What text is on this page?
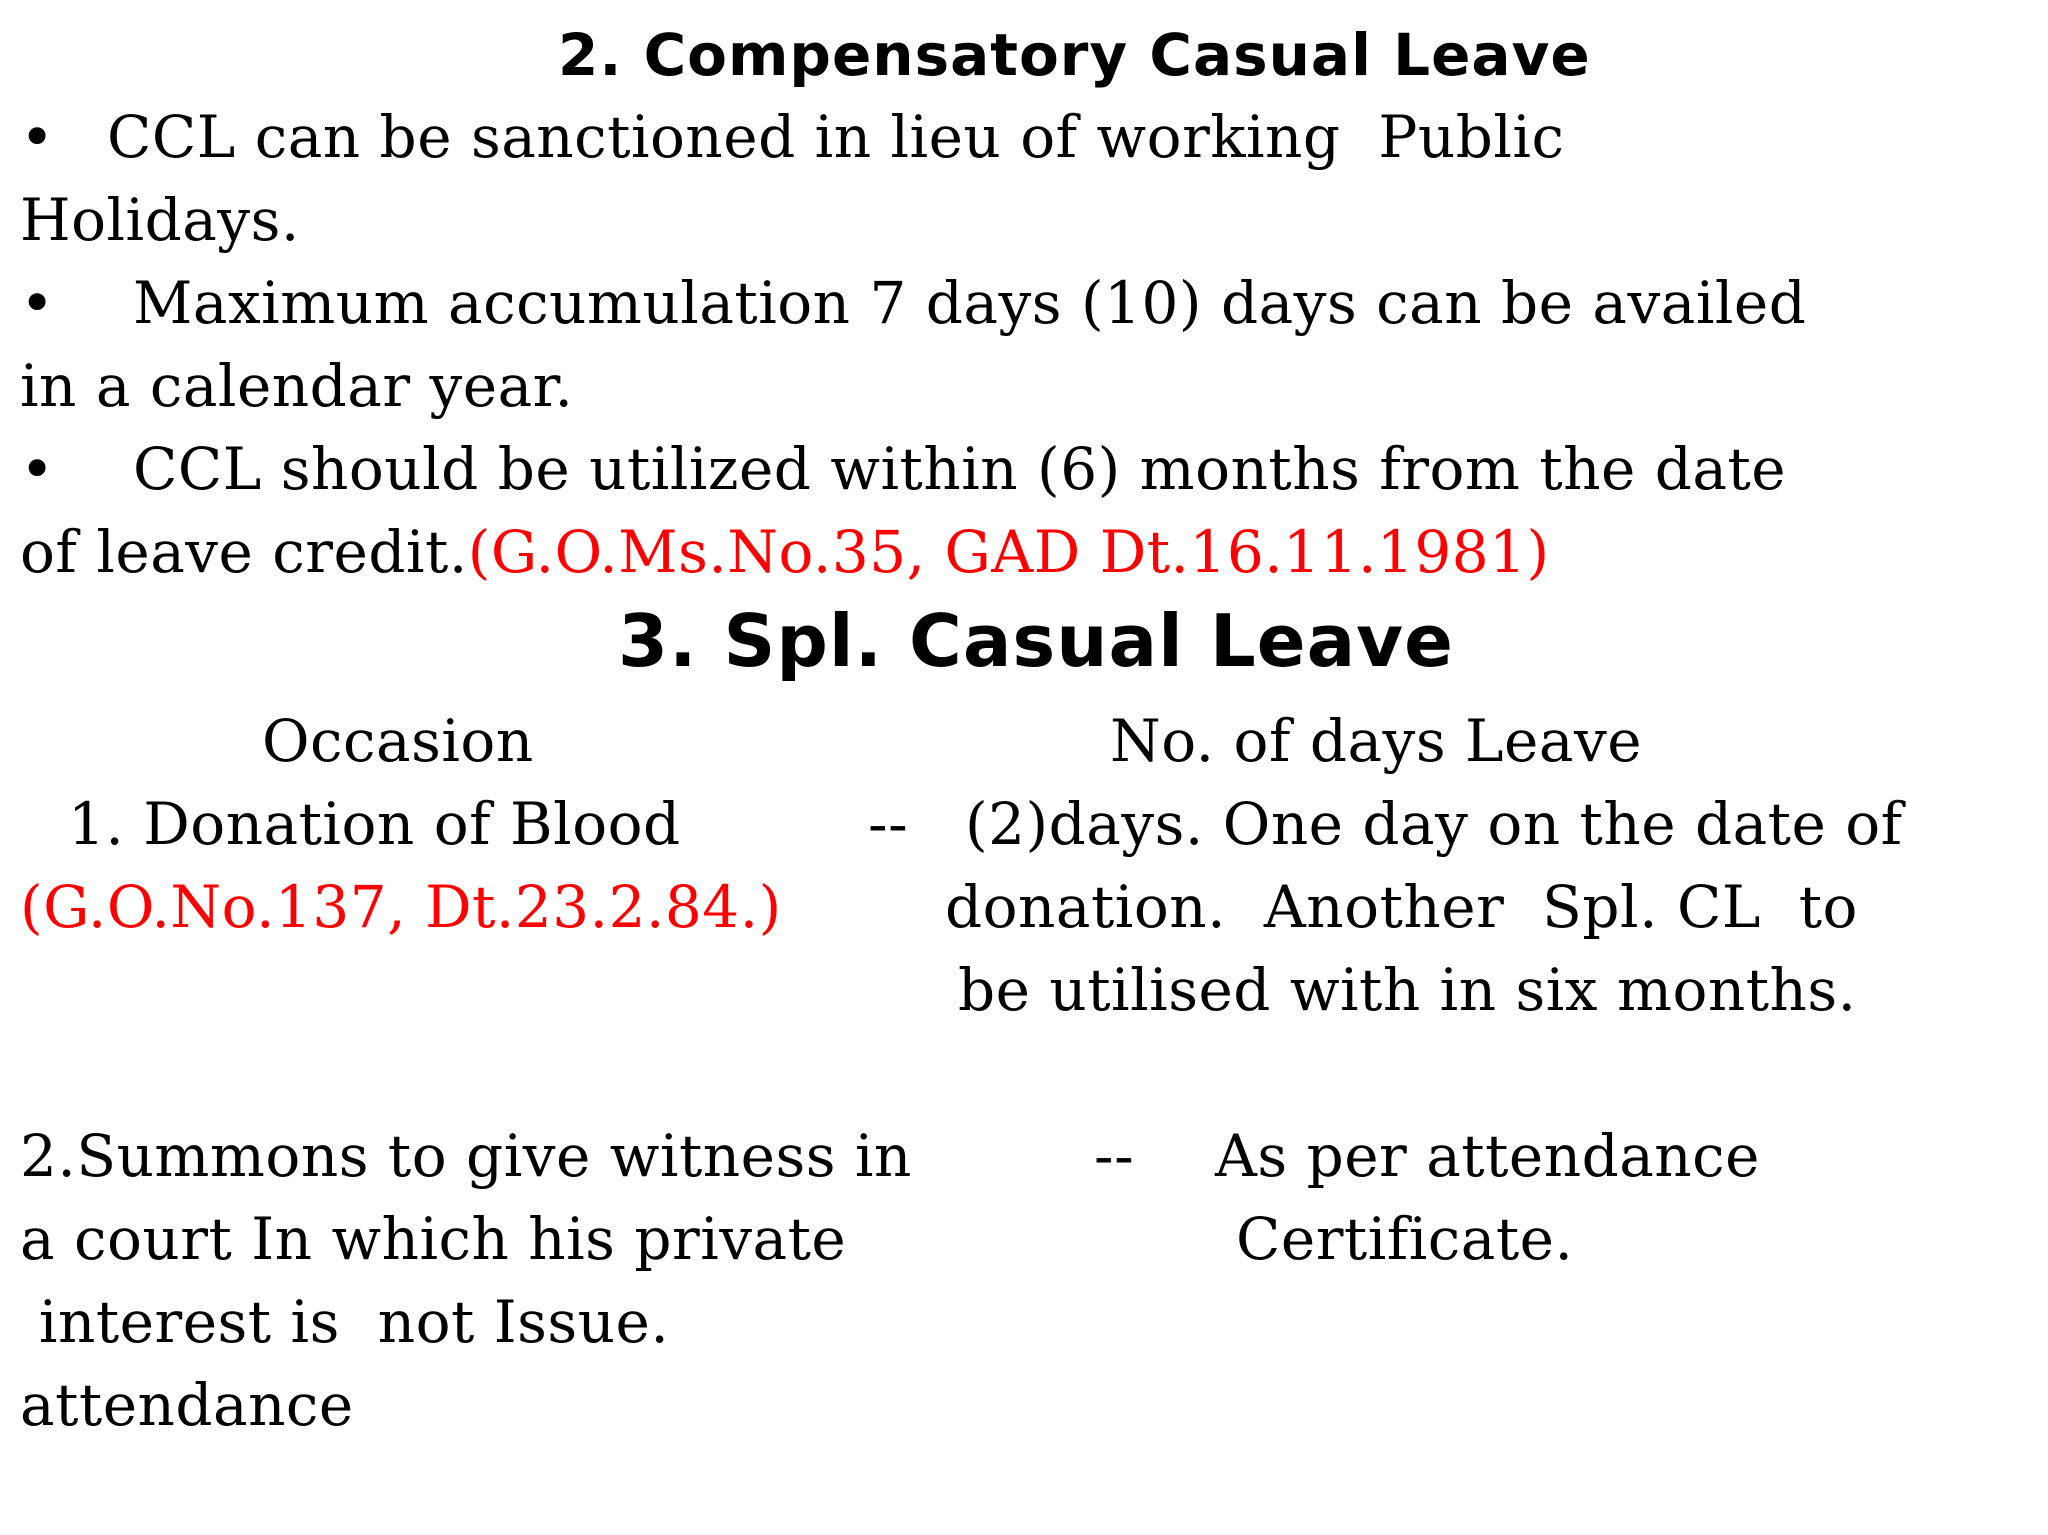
2. Compensatory Casual Leave
• CCL can be sanctioned in lieu of working  Public
Holidays.
• Maximum accumulation 7 days (10) days can be availed
in a calendar year.
• CCL should be utilized within (6) months from the date
of leave credit.(G.O.Ms.No.35, GAD Dt.16.11.1981)
3. Spl. Casual Leave
Occasion	No. of days Leave
1. Donation of Blood	-- (2)days. One day on the date of
(G.O.No.137, Dt.23.2.84.)	donation.  Another  Spl. CL  to
be utilised with in six months.
2.Summons to give witness in	-- As per attendance
a court In which his private	Certificate.
interest is  not Issue.
attendance
